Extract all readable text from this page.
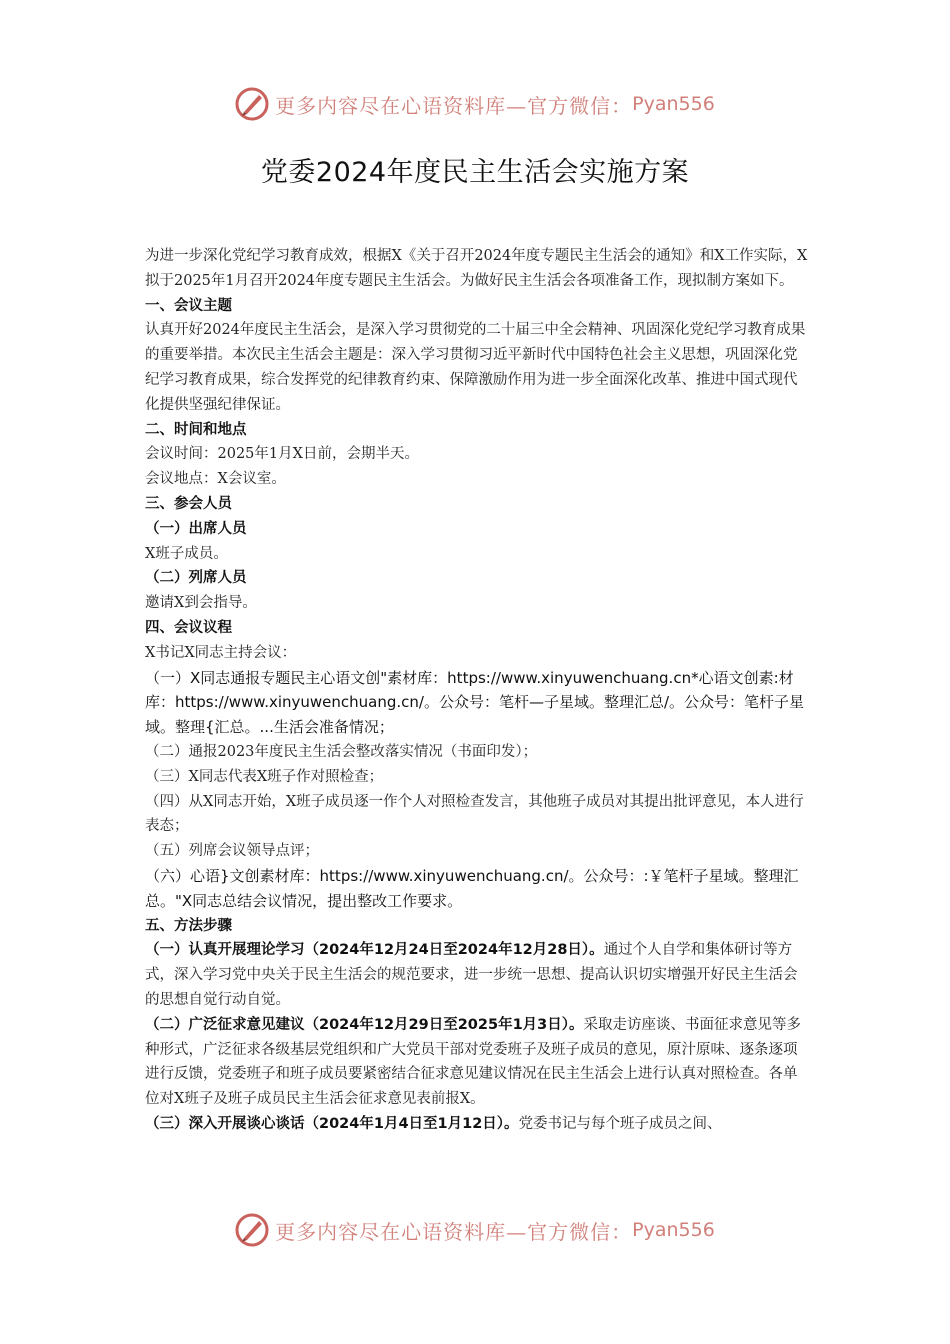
更多内容尽在心语资料库—官方微信： Pyan556
党委2024年度民主生活会实施方案

为进一步深化党纪学习教育成效，根据X《关于召开2024年度专题民主生活会的通知》和X工作实际，X拟于2025年1月召开2024年度专题民主生活会。为做好民主生活会各项准备工作，现拟制方案如下。

一、会议主题

认真开好2024年度民主生活会，是深入学习贯彻党的二十届三中全会精神、巩固深化党纪学习教育成果的重要举措。本次民主生活会主题是：深入学习贯彻习近平新时代中国特色社会主义思想，巩固深化党纪学习教育成果，综合发挥党的纪律教育约束、保障激励作用为进一步全面深化改革、推进中国式现代化提供坚强纪律保证。

二、时间和地点

会议时间：2025年1月X日前，会期半天。

会议地点：X会议室。

三、参会人员

（一）出席人员

X班子成员。

（二）列席人员

邀请X到会指导。

四、会议议程

X书记X同志主持会议：

（一）X同志通报专题民主心语文创"素材库：https://www.xinyuwenchuang.cn*心语文创素:材库：https://www.xinyuwenchuang.cn/。公众号：笔杆—子星域。整理汇总/。公众号：笔杆子星域。整理{汇总。...生活会准备情况；

（二）通报2023年度民主生活会整改落实情况（书面印发）；

（三）X同志代表X班子作对照检查；

（四）从X同志开始，X班子成员逐一作个人对照检查发言，其他班子成员对其提出批评意见，本人进行表态；

（五）列席会议领导点评；

（六）心语}文创素材库：https://www.xinyuwenchuang.cn/。公众号：:￥笔杆子星域。整理汇总。"X同志总结会议情况，提出整改工作要求。

五、方法步骤

（一）认真开展理论学习（2024年12月24日至2024年12月28日）。通过个人自学和集体研讨等方式，深入学习党中央关于民主生活会的规范要求，进一步统一思想、提高认识切实增强开好民主生活会的思想自觉行动自觉。

（二）广泛征求意见建议（2024年12月29日至2025年1月3日）。采取走访座谈、书面征求意见等多种形式，广泛征求各级基层党组织和广大党员干部对党委班子及班子成员的意见，原汁原味、逐条逐项进行反馈，党委班子和班子成员要紧密结合征求意见建议情况在民主生活会上进行认真对照检查。各单位对X班子及班子成员民主生活会征求意见表前报X。

（三）深入开展谈心谈话（2024年1月4日至1月12日）。党委书记与每个班子成员之间、

更多内容尽在心语资料库—官方微信： Pyan556
